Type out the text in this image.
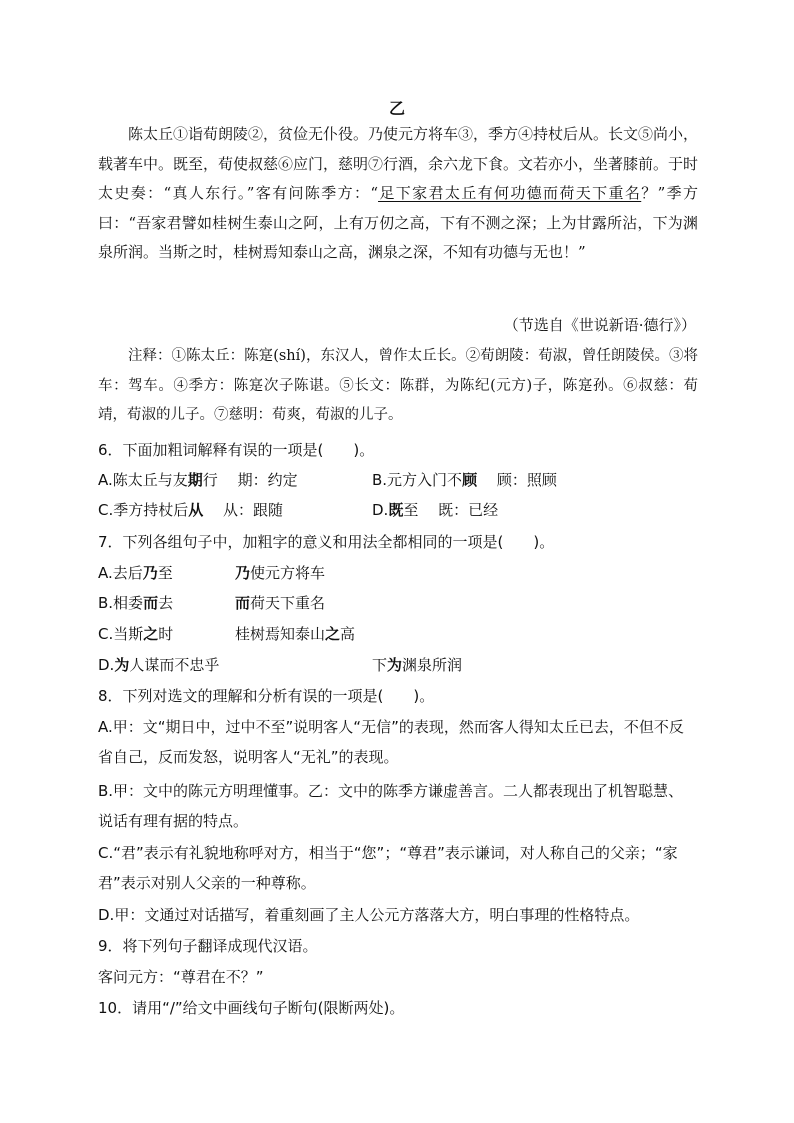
乙
陈太丘①诣荀朗陵②，贫俭无仆役。乃使元方将车③，季方④持杖后从。长文⑤尚小，载著车中。既至，荀使叔慈⑥应门，慈明⑦行酒，余六龙下食。文若亦小，坐著膝前。于时太史奏：“真人东行。”客有问陈季方：“足下家君太丘有何功德而荷天下重名？”季方曰：“吾家君譬如桂树生泰山之阿，上有万仞之高，下有不测之深；上为甘露所沾，下为渊泉所润。当斯之时，桂树焉知泰山之高，渊泉之深，不知有功德与无也！”
（节选自《世说新语·德行》）
注释：①陈太丘：陈寔(shí)，东汉人，曾作太丘长。②荀朗陵：荀淑，曾任朗陵侯。③将车：驾车。④季方：陈寔次子陈谌。⑤长文：陈群，为陈纪(元方)子，陈寔孙。⑥叔慈：荀靖，荀淑的儿子。⑦慈明：荀爽，荀淑的儿子。
6．下面加粗词解释有误的一项是(　　)。
A.陈太丘与友期行　 期：约定	B.元方入门不顾　 顾：照顾
C.季方持杖后从　 从：跟随	D.既至　 既：已经
7．下列各组句子中，加粗字的意义和用法全都相同的一项是(　　)。
A.去后乃至	乃使元方将车
B.相委而去	而荷天下重名
C.当斯之时	桂树焉知泰山之高
D.为人谋而不忠乎	下为渊泉所润
8．下列对选文的理解和分析有误的一项是(　　)。
A.甲：文“期日中，过中不至”说明客人“无信”的表现，然而客人得知太丘已去，不但不反省自己，反而发怒，说明客人“无礼”的表现。
B.甲：文中的陈元方明理懂事。乙：文中的陈季方谦虚善言。二人都表现出了机智聪慧、说话有理有据的特点。
C.“君”表示有礼貌地称呼对方，相当于“您”；“尊君”表示谦词，对人称自己的父亲；“家君”表示对别人父亲的一种尊称。
D.甲：文通过对话描写，着重刻画了主人公元方落落大方，明白事理的性格特点。
9．将下列句子翻译成现代汉语。
客问元方：“尊君在不？”
10．请用“/”给文中画线句子断句(限断两处)。
